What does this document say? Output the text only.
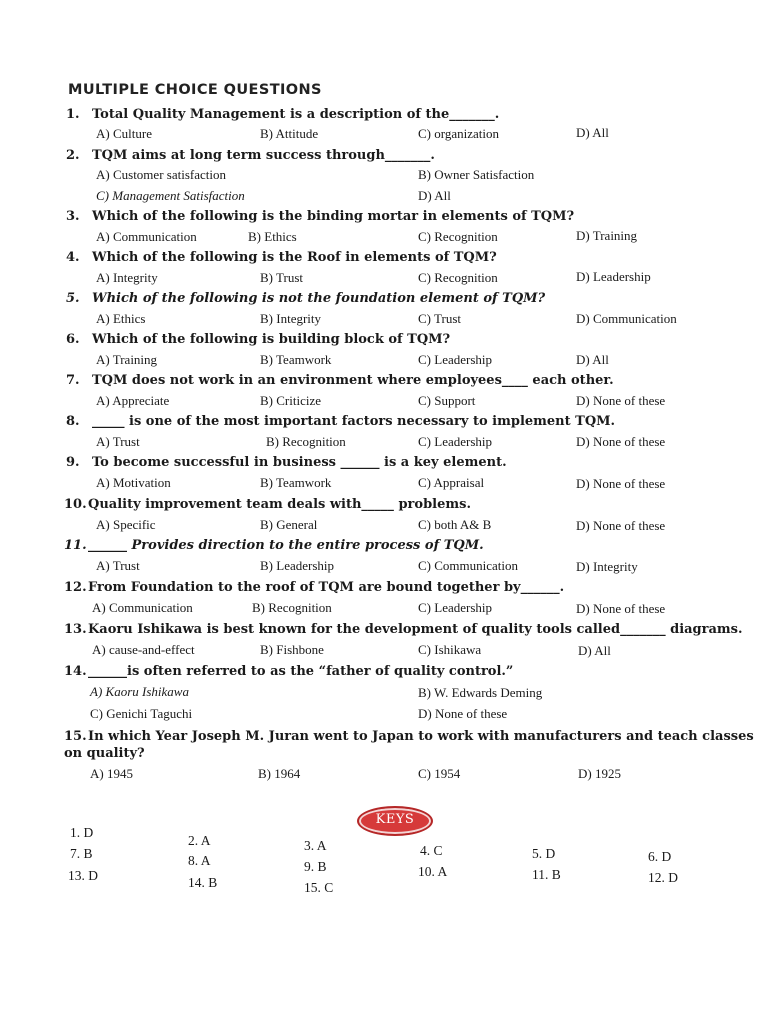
MULTIPLE CHOICE QUESTIONS
1. Total Quality Management is a description of the_______.
A) Culture	B) Attitude	C) organization	D) All
2. TQM aims at long term success through_______.
A) Customer satisfaction	B) Owner Satisfaction
C) Management Satisfaction	D) All
3. Which of the following is the binding mortar in elements of TQM?
A) Communication	B) Ethics	C) Recognition	D) Training
4. Which of the following is the Roof in elements of TQM?
A) Integrity	B) Trust	C) Recognition	D) Leadership
5. Which of the following is not the foundation element of TQM?
A) Ethics	B) Integrity	C) Trust	D) Communication
6. Which of the following is building block of TQM?
A) Training	B) Teamwork	C) Leadership	D) All
7. TQM does not work in an environment where employees____ each other.
A) Appreciate	B) Criticize	C) Support	D) None of these
8. _____ is one of the most important factors necessary to implement TQM.
A) Trust	B) Recognition	C) Leadership	D) None of these
9. To become successful in business ______ is a key element.
A) Motivation	B) Teamwork	C) Appraisal	D) None of these
10.Quality improvement team deals with_____ problems.
A) Specific	B) General	C) both A& B	D) None of these
11.______ Provides direction to the entire process of TQM.
A) Trust	B) Leadership	C) Communication	D) Integrity
12.From Foundation to the roof of TQM are bound together by______.
A) Communication	B) Recognition	C) Leadership	D) None of these
13.Kaoru Ishikawa is best known for the development of quality tools called_______ diagrams.
A) cause-and-effect	B) Fishbone	C) Ishikawa	D) All
14.______is often referred to as the “father of quality control.”
A) Kaoru Ishikawa	B) W. Edwards Deming
C) Genichi Taguchi	D) None of these
15.In which Year Joseph M. Juran went to Japan to work with manufacturers and teach classes on quality?
A) 1945	B) 1964	C) 1954	D) 1925
KEYS
1. D
2. A	3. A	4. C	5. D	6. D
7. B	8. A	9. B	10. A	11. B	12. D
13. D	14. B	15. C
